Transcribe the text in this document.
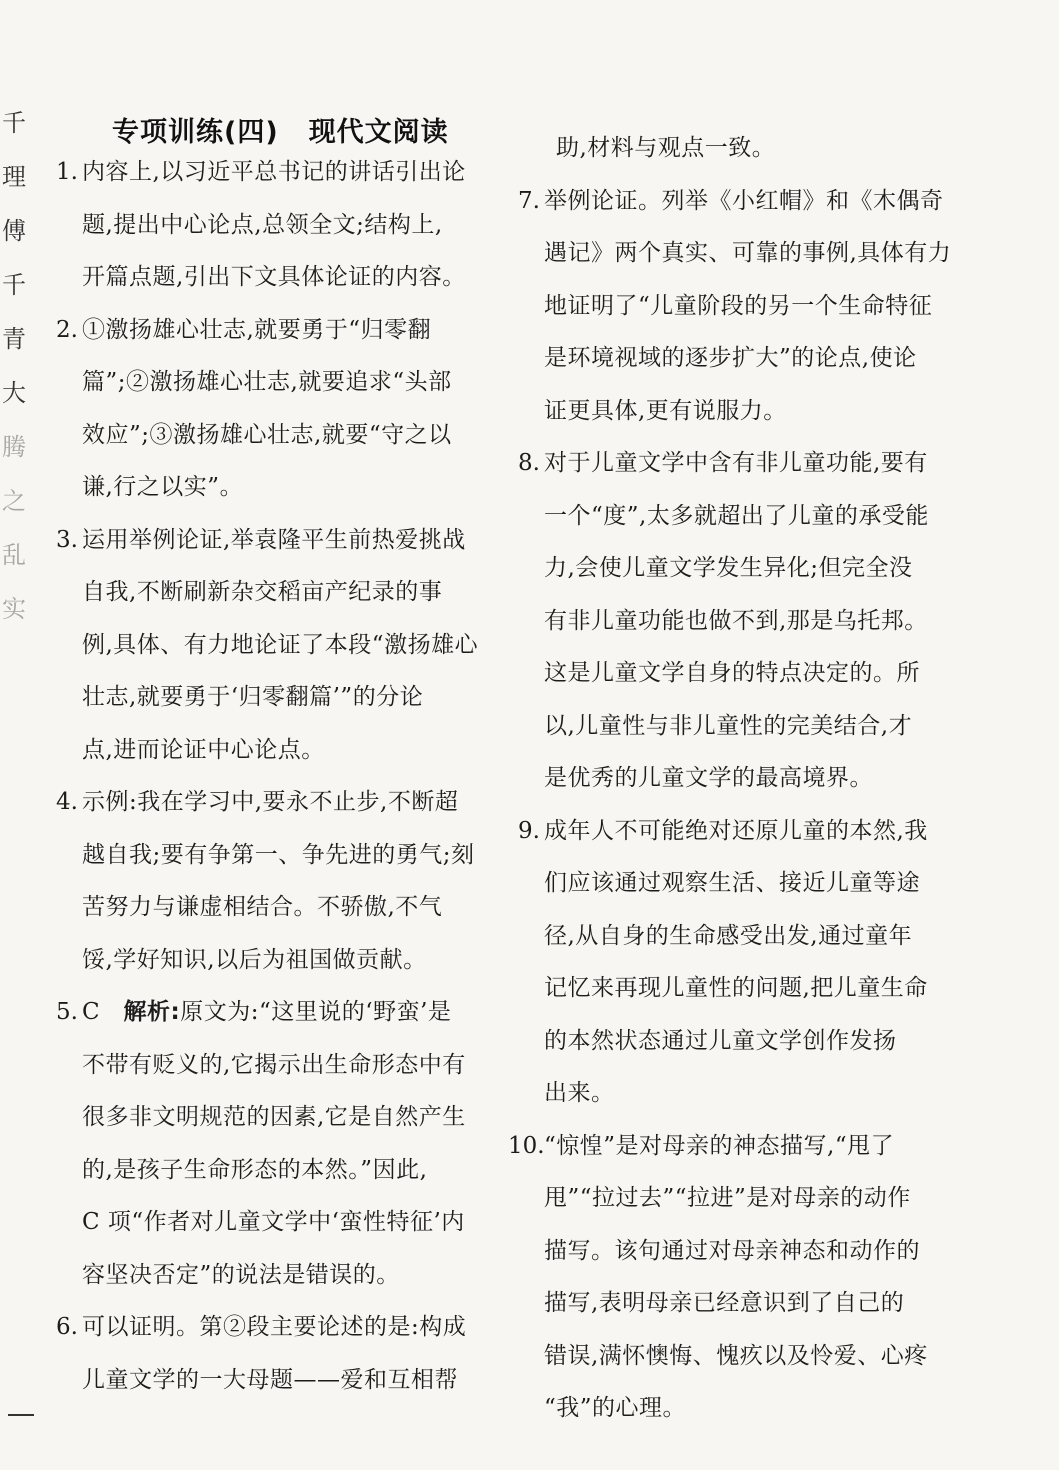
千
理
傅
千
青
大
腾
之
乱
实
专项训练(四) 现代文阅读
1. 内容上,以习近平总书记的讲话引出论

题,提出中心论点,总领全文;结构上,

开篇点题,引出下文具体论证的内容。

2. ①激扬雄心壮志,就要勇于“归零翻

篇”;②激扬雄心壮志,就要追求“头部

效应”;③激扬雄心壮志,就要“守之以

谦,行之以实”。

3. 运用举例论证,举袁隆平生前热爱挑战

自我,不断刷新杂交稻亩产纪录的事

例,具体、有力地论证了本段“激扬雄心

壮志,就要勇于‘归零翻篇’”的分论

点,进而论证中心论点。

4. 示例:我在学习中,要永不止步,不断超

越自我;要有争第一、争先进的勇气;刻

苦努力与谦虚相结合。不骄傲,不气

馁,学好知识,以后为祖国做贡献。

5. C 解析:原文为:“这里说的‘野蛮’是

不带有贬义的,它揭示出生命形态中有

很多非文明规范的因素,它是自然产生

的,是孩子生命形态的本然。”因此,

C 项“作者对儿童文学中‘蛮性特征’内

容坚决否定”的说法是错误的。

6. 可以证明。第②段主要论述的是:构成

儿童文学的一大母题——爱和互相帮

助,材料与观点一致。

7. 举例论证。列举《小红帽》和《木偶奇

遇记》两个真实、可靠的事例,具体有力

地证明了“儿童阶段的另一个生命特征

是环境视域的逐步扩大”的论点,使论

证更具体,更有说服力。

8. 对于儿童文学中含有非儿童功能,要有

一个“度”,太多就超出了儿童的承受能

力,会使儿童文学发生异化;但完全没

有非儿童功能也做不到,那是乌托邦。

这是儿童文学自身的特点决定的。所

以,儿童性与非儿童性的完美结合,才

是优秀的儿童文学的最高境界。

9. 成年人不可能绝对还原儿童的本然,我

们应该通过观察生活、接近儿童等途

径,从自身的生命感受出发,通过童年

记忆来再现儿童性的问题,把儿童生命

的本然状态通过儿童文学创作发扬

出来。

10. “惊惶”是对母亲的神态描写,“甩了

甩”“拉过去”“拉进”是对母亲的动作

描写。该句通过对母亲神态和动作的

描写,表明母亲已经意识到了自己的

错误,满怀懊悔、愧疚以及怜爱、心疼

“我”的心理。
